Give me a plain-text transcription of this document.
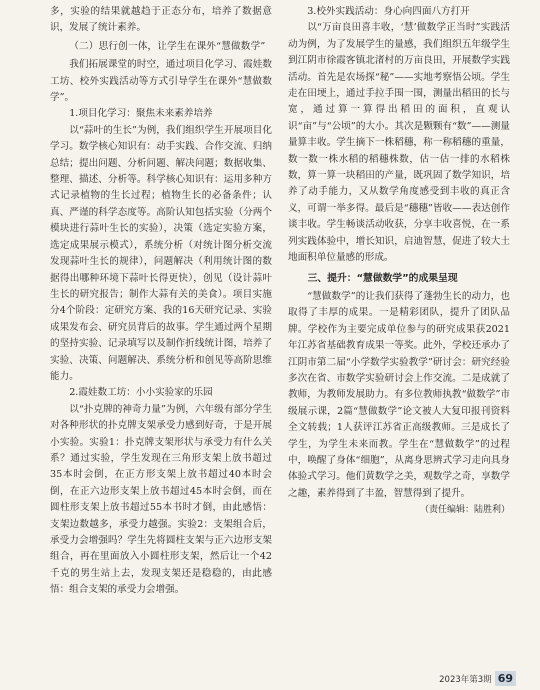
多，实验的结果就越趋于正态分布，培养了数据意识，发展了统计素养。

（二）思行创一体，让学生在课外“慧做数学”

我们拓展课堂的时空，通过项目化学习、霞娃数工坊、校外实践活动等方式引导学生在课外“慧做数学”。

1.项目化学习：聚焦未来素养培养

以“蒜叶的生长”为例，我们组织学生开展项目化学习。数学核心知识有：动手实践、合作交流、归纳总结；提出问题、分析问题、解决问题；数据收集、整理、描述、分析等。科学核心知识有：运用多种方式记录植物的生长过程；植物生长的必备条件；认真、严谨的科学态度等。高阶认知包括实验（分两个模块进行蒜叶生长的实验），决策（选定实验方案，选定成果展示模式），系统分析（对统计图分析交流发现蒜叶生长的规律），问题解决（利用统计图的数据得出哪种环境下蒜叶长得更快），创见（设计蒜叶生长的研究报告；制作大蒜有关的美食）。项目实施分4个阶段：定研究方案、我的16天研究记录、实验成果发布会、研究员背后的故事。学生通过两个星期的坚持实验、记录填写以及制作折线统计图，培养了实验、决策、问题解决、系统分析和创见等高阶思维能力。

2.霞娃数工坊：小小实验家的乐园

以“扑克牌的神奇力量”为例，六年级有部分学生对各种形状的扑克牌支架承受力感到好奇，于是开展小实验。实验1：扑克牌支架形状与承受力有什么关系？通过实验，学生发现在三角形支架上放书超过35本时会倒，在正方形支架上放书超过40本时会倒，在正六边形支架上放书超过45本时会倒，而在圆柱形支架上放书超过55本书时才倒，由此感悟：支架边数越多，承受力越强。实验2：支架组合后，承受力会增强吗？学生先将圆柱支架与正六边形支架组合，再在里面放入小圆柱形支架，然后让一个42千克的男生站上去，发现支架还是稳稳的，由此感悟：组合支架的承受力会增强。

3.校外实践活动：身心向四面八方打开

以“万亩良田喜丰收，‘慧’做数学正当时”实践活动为例，为了发展学生的量感，我们组织五年级学生到江阴市徐霞客镇北渚村的万亩良田，开展数学实践活动。首先是农场探“秘”——实地考察悟公顷。学生走在田埂上，通过手拉手围一围，测量出稻田的长与宽，通过算一算得出稻田的面积，直观认识“亩”与“公顷”的大小。其次是颗颗有“数”——测量量算丰收。学生摘下一株稻穗，称一称稻穗的重量，数一数一株水稻的稻穗株数，估一估一排的水稻株数，算一算一块稻田的产量，既巩固了数学知识，培养了动手能力，又从数学角度感受到丰收的真正含义，可谓一举多得。最后是“穗穗”皆收——表达创作谈丰收。学生畅谈活动收获，分享丰收喜悦，在一系列实践体验中，增长知识，启迪智慧，促进了较大土地面积单位量感的形成。

三、提升：“慧做数学”的成果呈现

“慧做数学”的让我们获得了蓬勃生长的动力，也取得了丰厚的成果。一是精彩团队，提升了团队品牌。学校作为主要完成单位参与的研究成果获2021年江苏省基础教育成果一等奖。此外，学校还承办了江阴市第二届“小学数学实验教学”研讨会：研究经验多次在省、市数学实验研讨会上作交流。二是成就了教师，为教师发展助力。有多位教师执教“做数学”市级展示课，2篇“慧做数学”论文被人大复印报刊资料全文转载；1人获评江苏省正高级教师。三是成长了学生，为学生未来而教。学生在“慧做数学”的过程中，唤醒了身体“细胞”，从离身思辨式学习走向具身体验式学习。他们黄数学之美，观数学之奇，享数学之趣，素养得到了丰盈，智慧得到了提升。

（责任编辑：陆胜利）

2023年第3期 69
